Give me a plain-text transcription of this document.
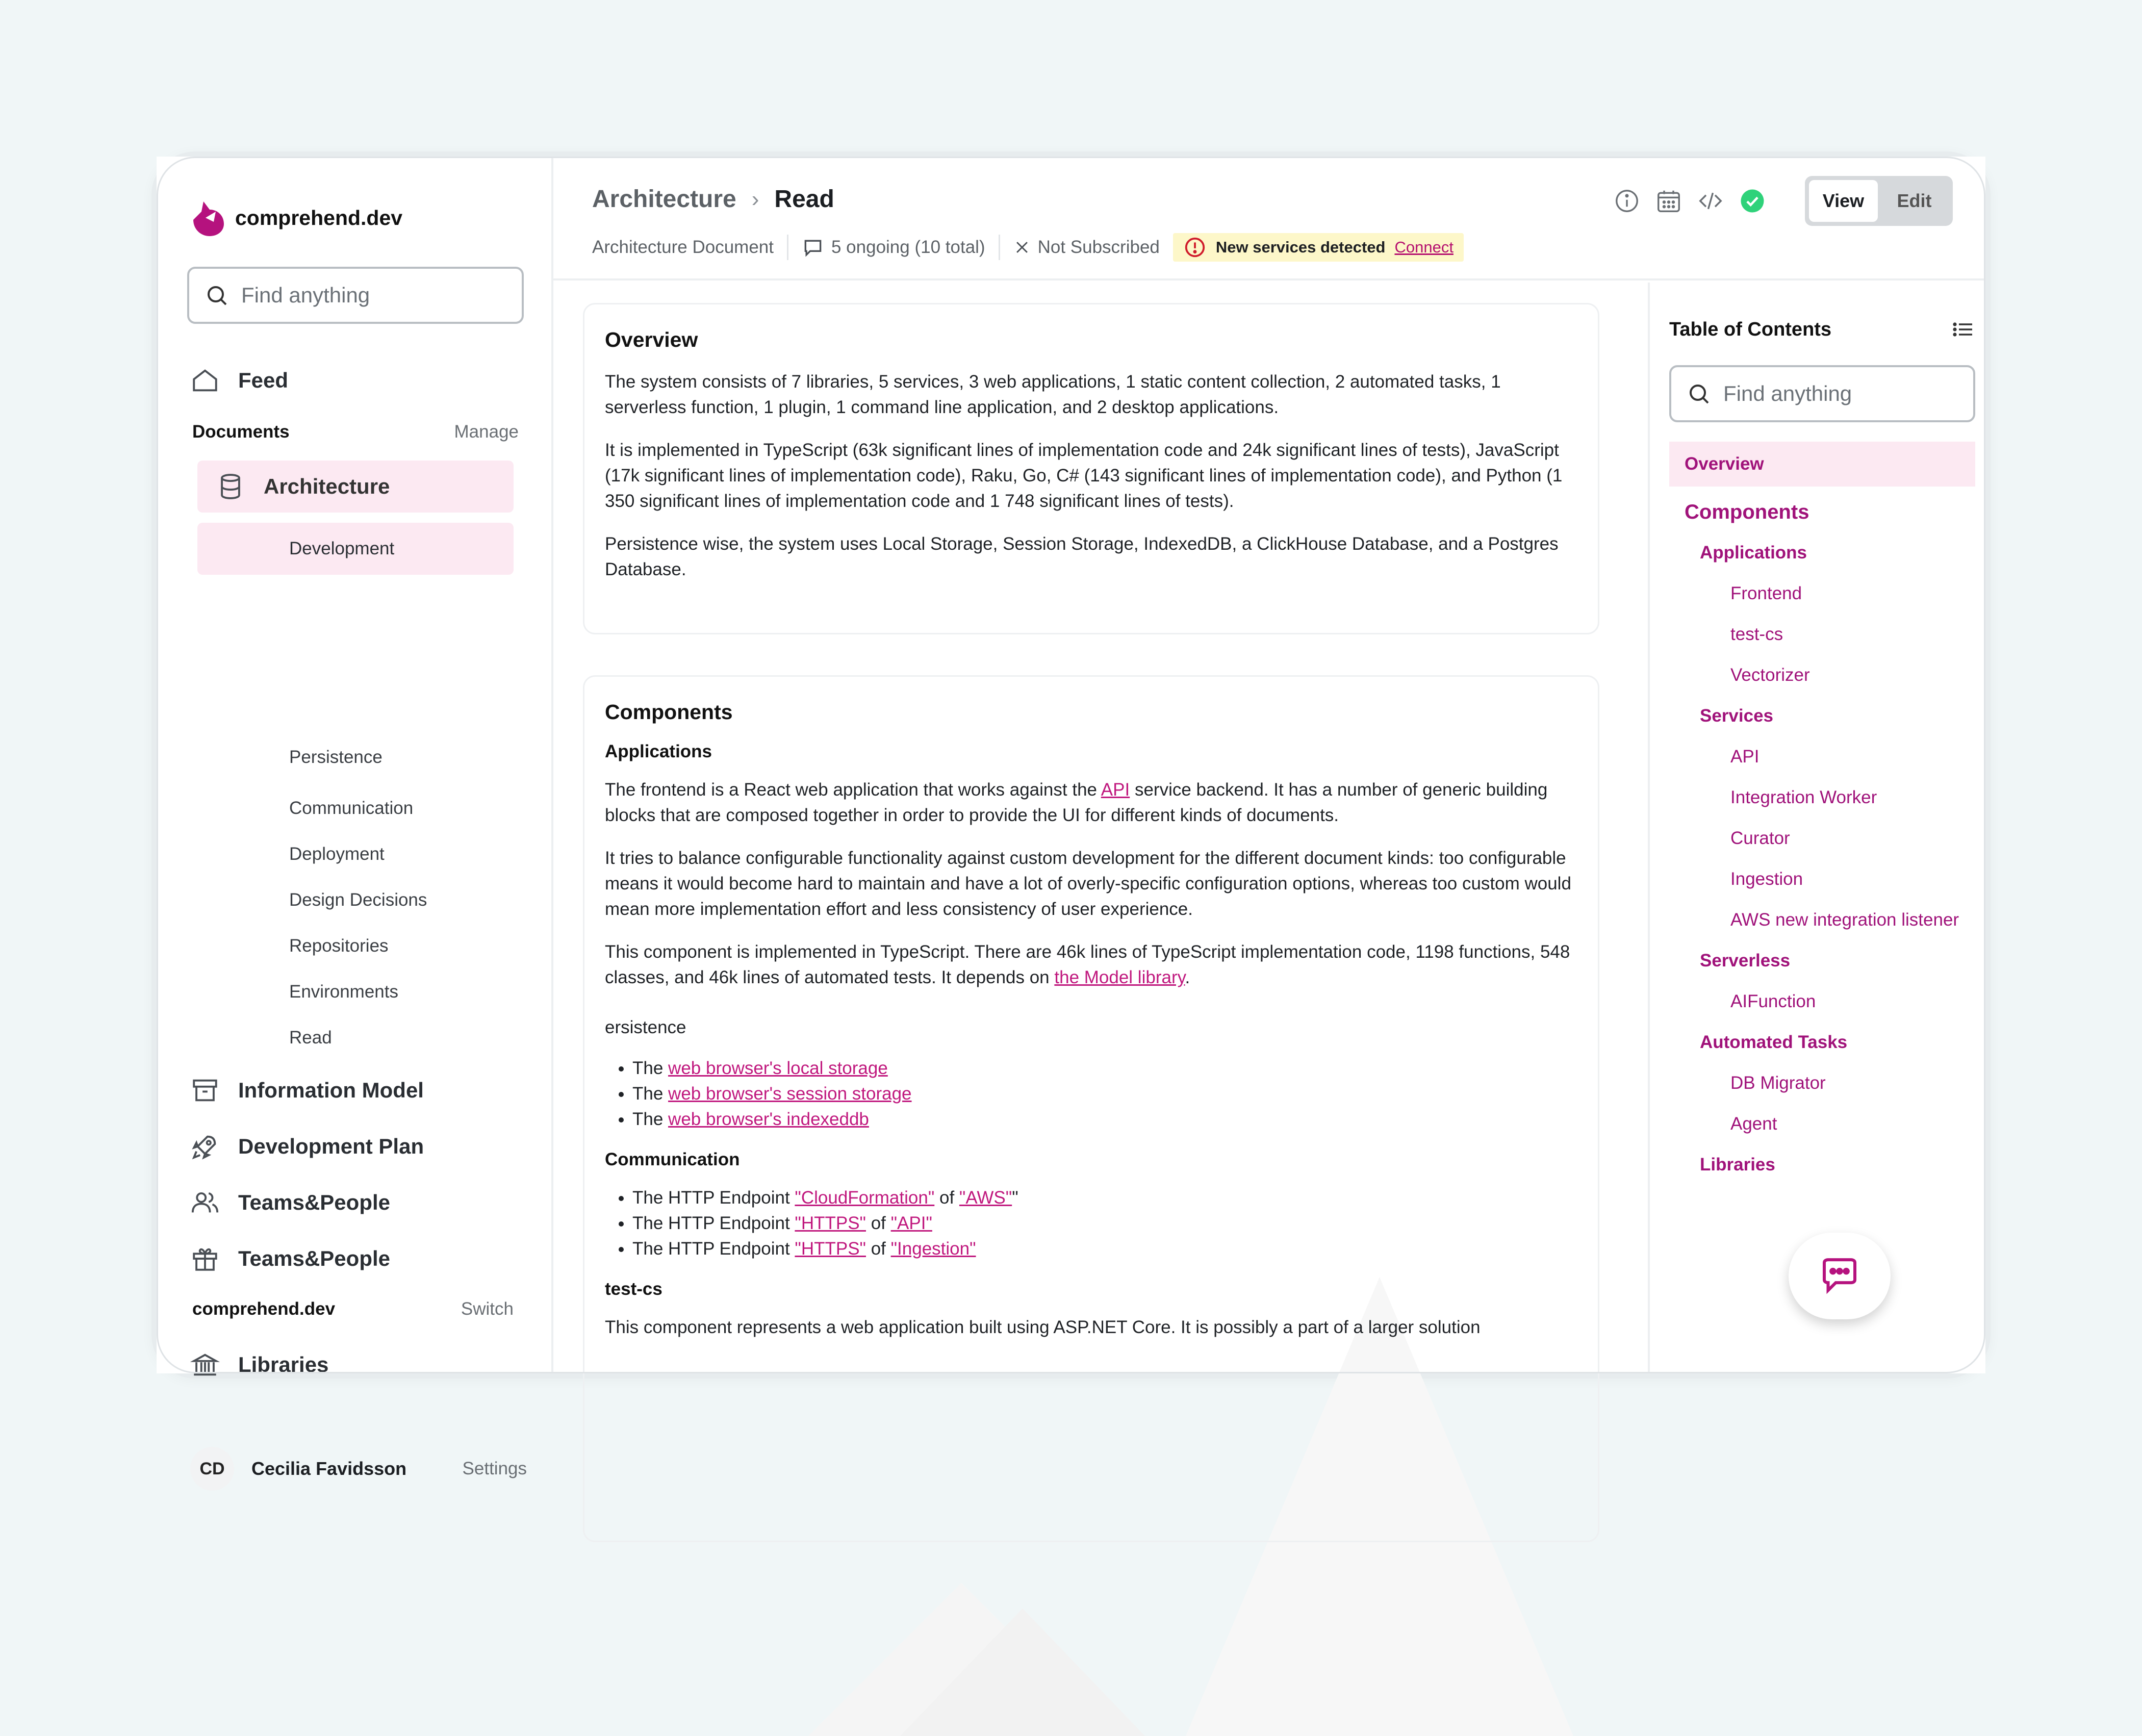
comprehend.dev
Find anything
Feed
Documents	Manage
Architecture
Development
Persistence
Communication
Deployment
Design Decisions
Repositories
Environments
Read
Information Model
Development Plan
Teams&People
Teams&People
comprehend.dev	Switch
Libraries
CD	Cecilia Favidsson	Settings
Architecture › Read
Architecture Document	5 ongoing (10 total)	Not Subscribed	New services detected Connect
View	Edit
Overview

The system consists of 7 libraries, 5 services, 3 web applications, 1 static content collection, 2 automated tasks, 1 serverless function, 1 plugin, 1 command line application, and 2 desktop applications.

It is implemented in TypeScript (63k significant lines of implementation code and 24k significant lines of tests), JavaScript (17k significant lines of implementation code), Raku, Go, C# (143 significant lines of implementation code), and Python (1 350 significant lines of implementation code and 1 748 significant lines of tests).

Persistence wise, the system uses Local Storage, Session Storage, IndexedDB, a ClickHouse Database, and a Postgres Database.

Components
Applications

The frontend is a React web application that works against the API service backend. It has a number of generic building blocks that are composed together in order to provide the UI for different kinds of documents.

It tries to balance configurable functionality against custom development for the different document kinds: too configurable means it would become hard to maintain and have a lot of overly-specific configuration options, whereas too custom would mean more implementation effort and less consistency of user experience.

This component is implemented in TypeScript. There are 46k lines of TypeScript implementation code, 1198 functions, 548 classes, and 46k lines of automated tests. It depends on the Model library.

ersistence

• The web browser's local storage
• The web browser's session storage
• The web browser's indexeddb
Communication
• The HTTP Endpoint "CloudFormation" of "AWS""
• The HTTP Endpoint "HTTPS" of "API"
• The HTTP Endpoint "HTTPS" of "Ingestion"
test-cs

This component represents a web application built using ASP.NET Core. It is possibly a part of a larger solution

Table of Contents
Find anything
Overview
Components
Applications
Frontend
test-cs
Vectorizer
Services
API
Integration Worker
Curator
Ingestion
AWS new integration listener
Serverless
AIFunction
Automated Tasks
DB Migrator
Agent
Libraries
